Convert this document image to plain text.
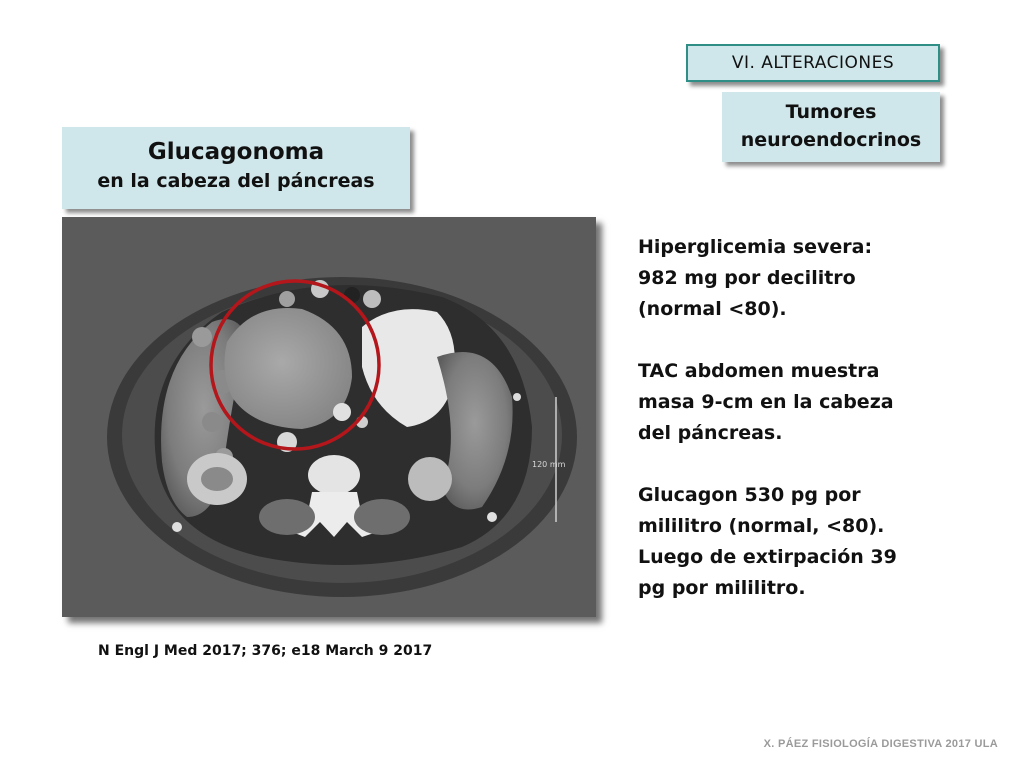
VI. ALTERACIONES
Tumores
neuroendocrinos
Glucagonoma
en la cabeza del páncreas
120 mm

Hiperglicemia severa:
982 mg por decilitro
(normal <80).

TAC abdomen muestra
masa 9-cm en la cabeza
del páncreas.

Glucagon 530 pg por
mililitro (normal, <80).
Luego de extirpación 39
pg por mililitro.

N Engl J Med 2017; 376; e18 March 9 2017
X. PÁEZ FISIOLOGÍA DIGESTIVA 2017 ULA
